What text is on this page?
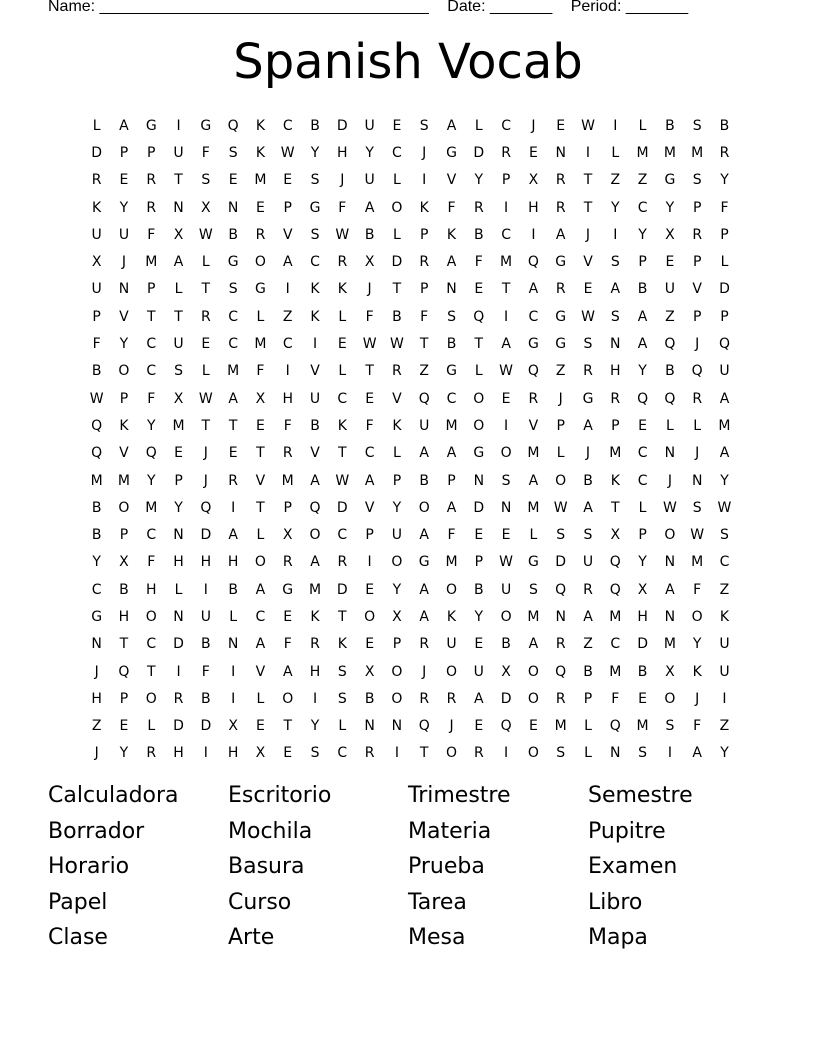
Name: _____________________________________ Date: _______ Period: _______
Spanish Vocab
L	A	G	I	G	Q	K	C	B	D	U	E	S	A	L	C	J	E	W	I	L	B	S	B
D	P	P	U	F	S	K	W	Y	H	Y	C	J	G	D	R	E	N	I	L	M	M	M	R
R	E	R	T	S	E	M	E	S	J	U	L	I	V	Y	P	X	R	T	Z	Z	G	S	Y
K	Y	R	N	X	N	E	P	G	F	A	O	K	F	R	I	H	R	T	Y	C	Y	P	F
U	U	F	X	W	B	R	V	S	W	B	L	P	K	B	C	I	A	J	I	Y	X	R	P
X	J	M	A	L	G	O	A	C	R	X	D	R	A	F	M	Q	G	V	S	P	E	P	L
U	N	P	L	T	S	G	I	K	K	J	T	P	N	E	T	A	R	E	A	B	U	V	D
P	V	T	T	R	C	L	Z	K	L	F	B	F	S	Q	I	C	G	W	S	A	Z	P	P
F	Y	C	U	E	C	M	C	I	E	W W	T	B	T	A	G	G	S	N	A	Q	J	Q
B	O	C	S	L	M	F	I	V	L	T	R	Z	G	L	W	Q	Z	R	H	Y	B	Q	U
W	P	F	X	W	A	X	H	U	C	E	V	Q	C	O	E	R	J	G	R	Q	Q	R	A
Q	K	Y	M	T	T	E	F	B	K	F	K	U	M	O	I	V	P	A	P	E	L	L	M
Q	V	Q	E	J	E	T	R	V	T	C	L	A	A	G	O	M	L	J	M	C	N	J	A
M	M	Y	P	J	R	V	M	A	W	A	P	B	P	N	S	A	O	B	K	C	J	N	Y
B	O	M	Y	Q	I	T	P	Q	D	V	Y	O	A	D	N	M	W	A	T	L	W	S	W
B	P	C	N	D	A	L	X	O	C	P	U	A	F	E	E	L	S	S	X	P	O	W	S
Y	X	F	H	H	H	O	R	A	R	I	O	G	M	P	W	G	D	U	Q	Y	N	M	C
C	B	H	L	I	B	A	G	M	D	E	Y	A	O	B	U	S	Q	R	Q	X	A	F	Z
G	H	O	N	U	L	C	E	K	T	O	X	A	K	Y	O	M	N	A	M	H	N	O	K
N	T	C	D	B	N	A	F	R	K	E	P	R	U	E	B	A	R	Z	C	D	M	Y	U
J	Q	T	I	F	I	V	A	H	S	X	O	J	O	U	X	O	Q	B	M	B	X	K	U
H	P	O	R	B	I	L	O	I	S	B	O	R	R	A	D	O	R	P	F	E	O	J	I
Z	E	L	D	D	X	E	T	Y	L	N	N	Q	J	E	Q	E	M	L	Q	M	S	F	Z
J	Y	R	H	I	H	X	E	S	C	R	I	T	O	R	I	O	S	L	N	S	I	A	Y
Calculadora	Escritorio	Trimestre	Semestre
Borrador	Mochila	Materia	Pupitre
Horario	Basura	Prueba	Examen
Papel	Curso	Tarea	Libro
Clase	Arte	Mesa	Mapa
